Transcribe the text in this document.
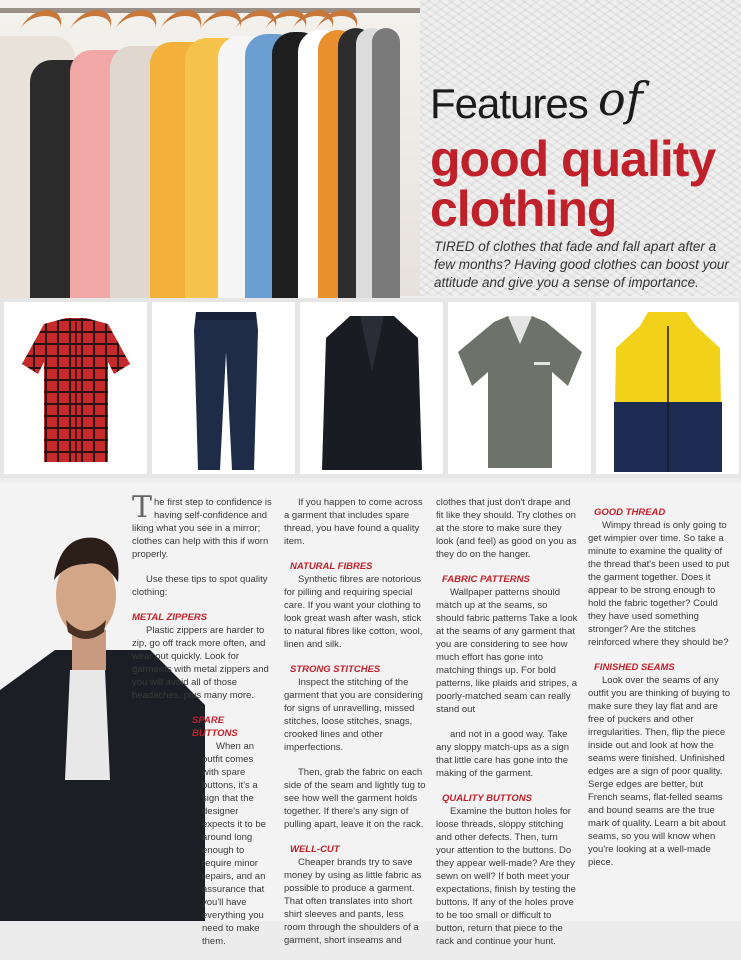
Features of
good quality
clothing
TIRED of clothes that fade and fall apart after a few months? Having good clothes can boost your attitude and give you a sense of importance.

The first step to confidence is having self-confidence and liking what you see in a mirror; clothes can help with this if worn properly.

Use these tips to spot quality clothing:

METAL ZIPPERS

Plastic zippers are harder to zip, go off track more often, and wear out quickly. Look for garments with metal zippers and you will avoid all of those headaches, plus many more.

SPARE BUTTONS

When an outfit comes with spare buttons, it's a sign that the designer expects it to be around long enough to require minor repairs, and an assurance that you'll have everything you need to make them.

If you happen to come across a garment that includes spare thread, you have found a quality item.

NATURAL FIBRES

Synthetic fibres are notorious for pilling and requiring special care. If you want your clothing to look great wash after wash, stick to natural fibres like cotton, wool, linen and silk.

STRONG STITCHES

Inspect the stitching of the garment that you are considering for signs of unravelling, missed stitches, loose stitches, snags, crooked lines and other imperfections.

Then, grab the fabric on each side of the seam and lightly tug to see how well the garment holds together. If there's any sign of pulling apart, leave it on the rack.

WELL-CUT

Cheaper brands try to save money by using as little fabric as possible to produce a garment. That often translates into short shirt sleeves and pants, less room through the shoulders of a garment, short inseams and

clothes that just don't drape and fit like they should. Try clothes on at the store to make sure they look (and feel) as good on you as they do on the hanger.

FABRIC PATTERNS

Wallpaper patterns should match up at the seams, so should fabric patterns Take a look at the seams of any garment that you are considering to see how much effort has gone into matching things up. For bold patterns, like plaids and stripes, a poorly-matched seam can really stand out

and not in a good way. Take any sloppy match-ups as a sign that little care has gone into the making of the garment.

QUALITY BUTTONS

Examine the button holes for loose threads, sloppy stitching and other defects. Then, turn your attention to the buttons. Do they appear well-made? Are they sewn on well? If both meet your expectations, finish by testing the buttons. If any of the holes prove to be too small or difficult to button, return that piece to the rack and continue your hunt.

GOOD THREAD

Wimpy thread is only going to get wimpier over time. So take a minute to examine the quality of the thread that's been used to put the garment together. Does it appear to be strong enough to hold the fabric together? Could they have used something stronger? Are the stitches reinforced where they should be?

FINISHED SEAMS

Look over the seams of any outfit you are thinking of buying to make sure they lay flat and are free of puckers and other irregularities. Then, flip the piece inside out and look at how the seams were finished. Unfinished edges are a sign of poor quality. Serge edges are better, but French seams, flat-felled seams and bound seams are the true mark of quality. Learn a bit about seams, so you will know when you're looking at a well-made piece.
